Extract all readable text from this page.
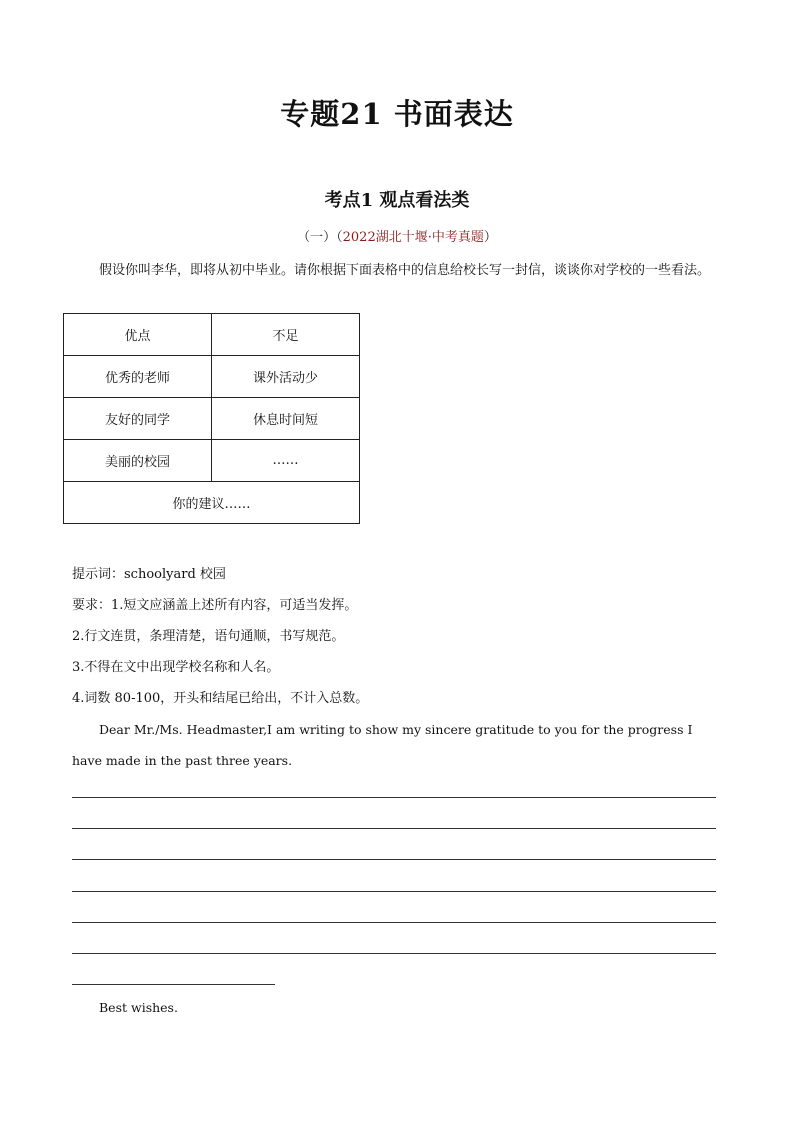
专题21 书面表达
考点1 观点看法类
（一）（2022湖北十堰·中考真题）
假设你叫李华，即将从初中毕业。请你根据下面表格中的信息给校长写一封信，谈谈你对学校的一些看法。
优点	不足
优秀的老师	课外活动少
友好的同学	休息时间短
美丽的校园	……
你的建议……	
提示词：schoolyard 校园
要求：1.短文应涵盖上述所有内容，可适当发挥。
2.行文连贯，条理清楚，语句通顺，书写规范。
3.不得在文中出现学校名称和人名。
4.词数 80-100，开头和结尾已给出，不计入总数。
Dear Mr./Ms. Headmaster,I am writing to show my sincere gratitude to you for the progress I have made in the past three years.
Best wishes.
